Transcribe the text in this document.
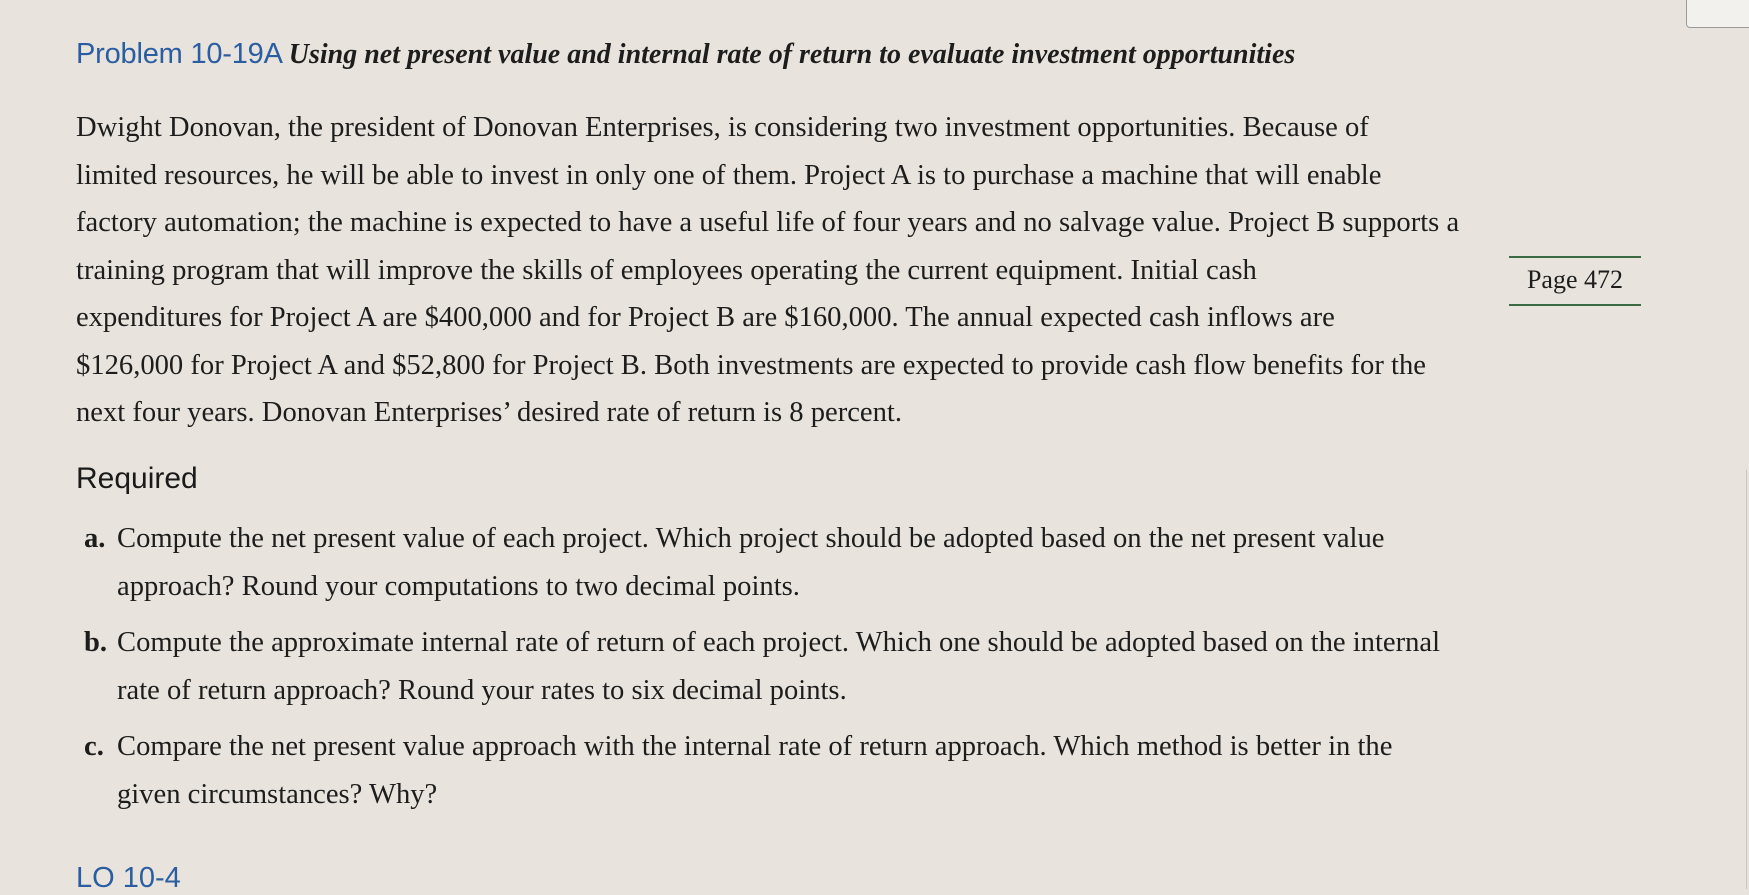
Problem 10-19A Using net present value and internal rate of return to evaluate investment opportunities
Dwight Donovan, the president of Donovan Enterprises, is considering two investment opportunities. Because of
limited resources, he will be able to invest in only one of them. Project A is to purchase a machine that will enable
factory automation; the machine is expected to have a useful life of four years and no salvage value. Project B supports a
training program that will improve the skills of employees operating the current equipment. Initial cash
expenditures for Project A are $400,000 and for Project B are $160,000. The annual expected cash inflows are
$126,000 for Project A and $52,800 for Project B. Both investments are expected to provide cash flow benefits for the
next four years. Donovan Enterprises’ desired rate of return is 8 percent.
Page 472
Required
a. Compute the net present value of each project. Which project should be adopted based on the net present value
approach? Round your computations to two decimal points.
b. Compute the approximate internal rate of return of each project. Which one should be adopted based on the internal
rate of return approach? Round your rates to six decimal points.
c. Compare the net present value approach with the internal rate of return approach. Which method is better in the
given circumstances? Why?
LO 10-4
